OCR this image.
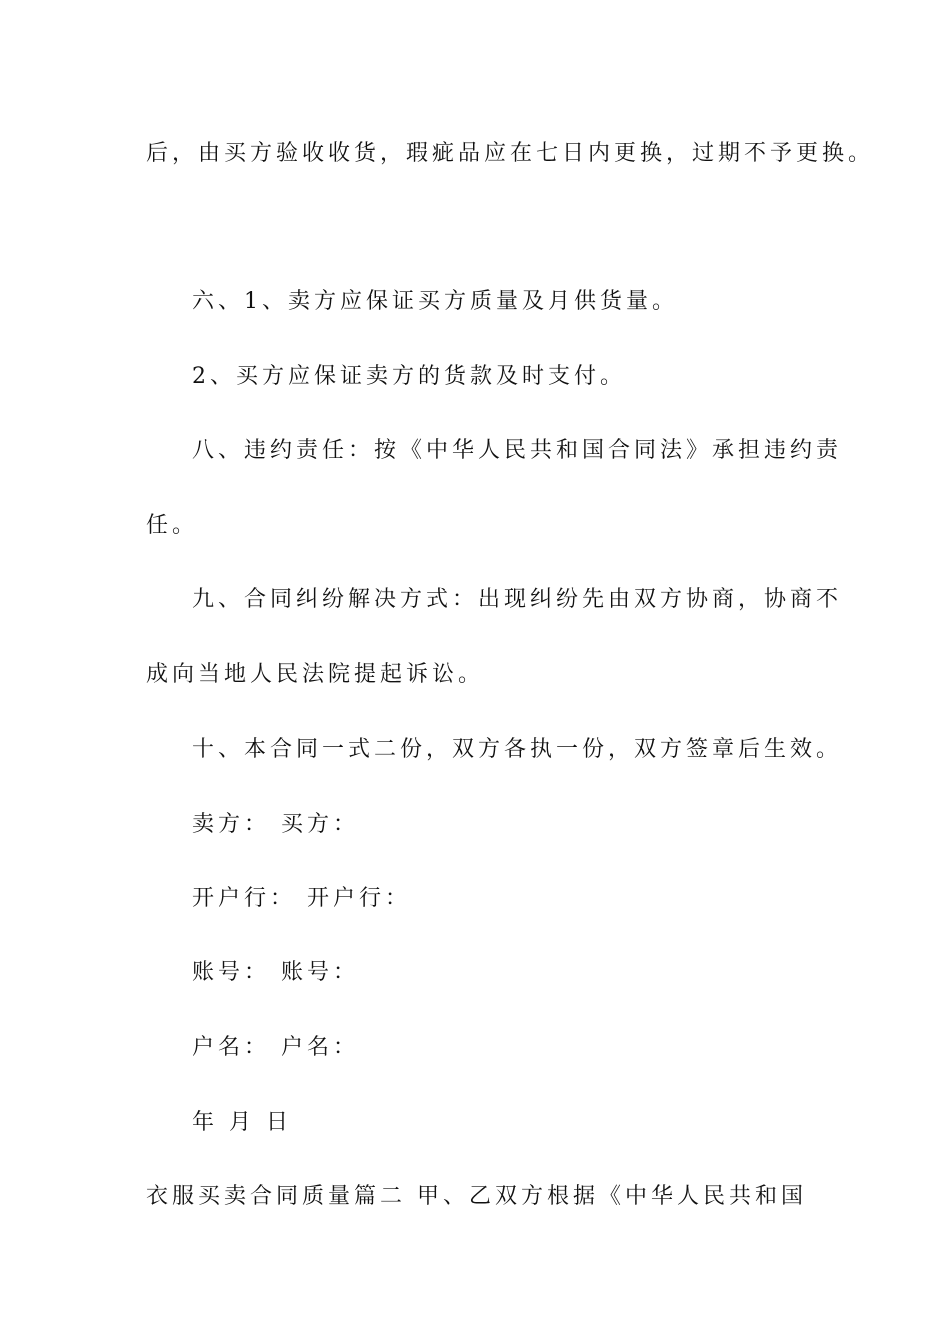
后，由买方验收收货，瑕疵品应在七日内更换，过期不予更换。
六、1、卖方应保证买方质量及月供货量。
2、买方应保证卖方的货款及时支付。
八、违约责任：按《中华人民共和国合同法》承担违约责
任。
九、合同纠纷解决方式：出现纠纷先由双方协商，协商不
成向当地人民法院提起诉讼。
十、本合同一式二份，双方各执一份，双方签章后生效。
卖方： 买方：
开户行： 开户行：
账号： 账号：
户名： 户名：
年 月 日
衣服买卖合同质量篇二 甲、乙双方根据《中华人民共和国
